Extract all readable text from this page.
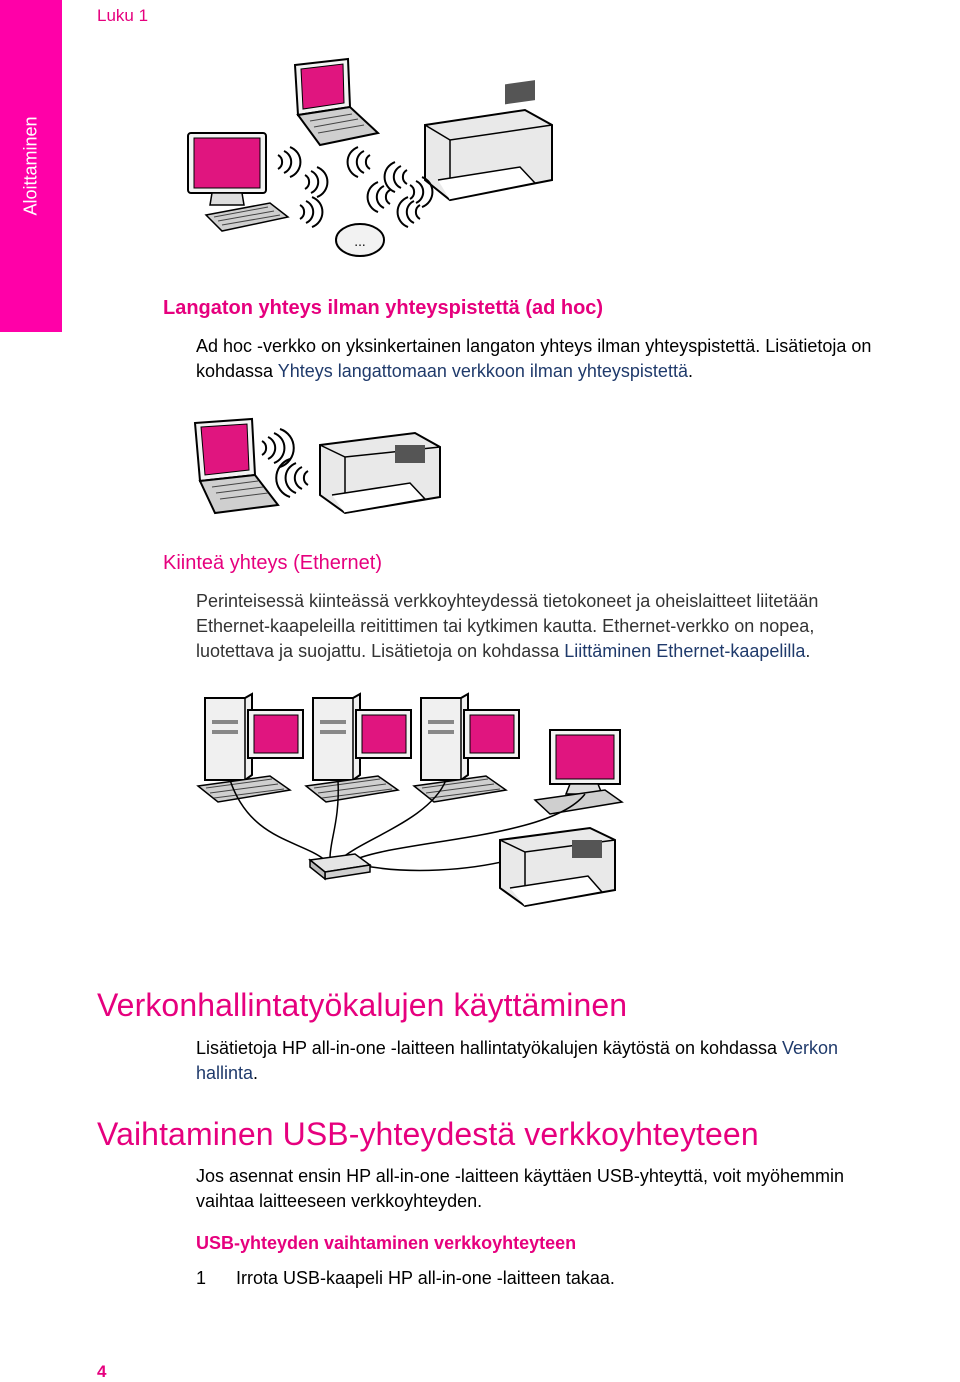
Luku 1
Aloittaminen
...
Langaton yhteys ilman yhteyspistettä (ad hoc)
Ad hoc -verkko on yksinkertainen langaton yhteys ilman yhteyspistettä. Lisätietoja on
kohdassa Yhteys langattomaan verkkoon ilman yhteyspistettä.
Kiinteä yhteys (Ethernet)
Perinteisessä kiinteässä verkkoyhteydessä tietokoneet ja oheislaitteet liitetään
Ethernet-kaapeleilla reitittimen tai kytkimen kautta. Ethernet-verkko on nopea,
luotettava ja suojattu. Lisätietoja on kohdassa Liittäminen Ethernet-kaapelilla.
Verkonhallintatyökalujen käyttäminen
Lisätietoja HP all-in-one -laitteen hallintatyökalujen käytöstä on kohdassa Verkon
hallinta.
Vaihtaminen USB-yhteydestä verkkoyhteyteen
Jos asennat ensin HP all-in-one -laitteen käyttäen USB-yhteyttä, voit myöhemmin
vaihtaa laitteeseen verkkoyhteyden.
USB-yhteyden vaihtaminen verkkoyhteyteen
1 Irrota USB-kaapeli HP all-in-one -laitteen takaa.
4
